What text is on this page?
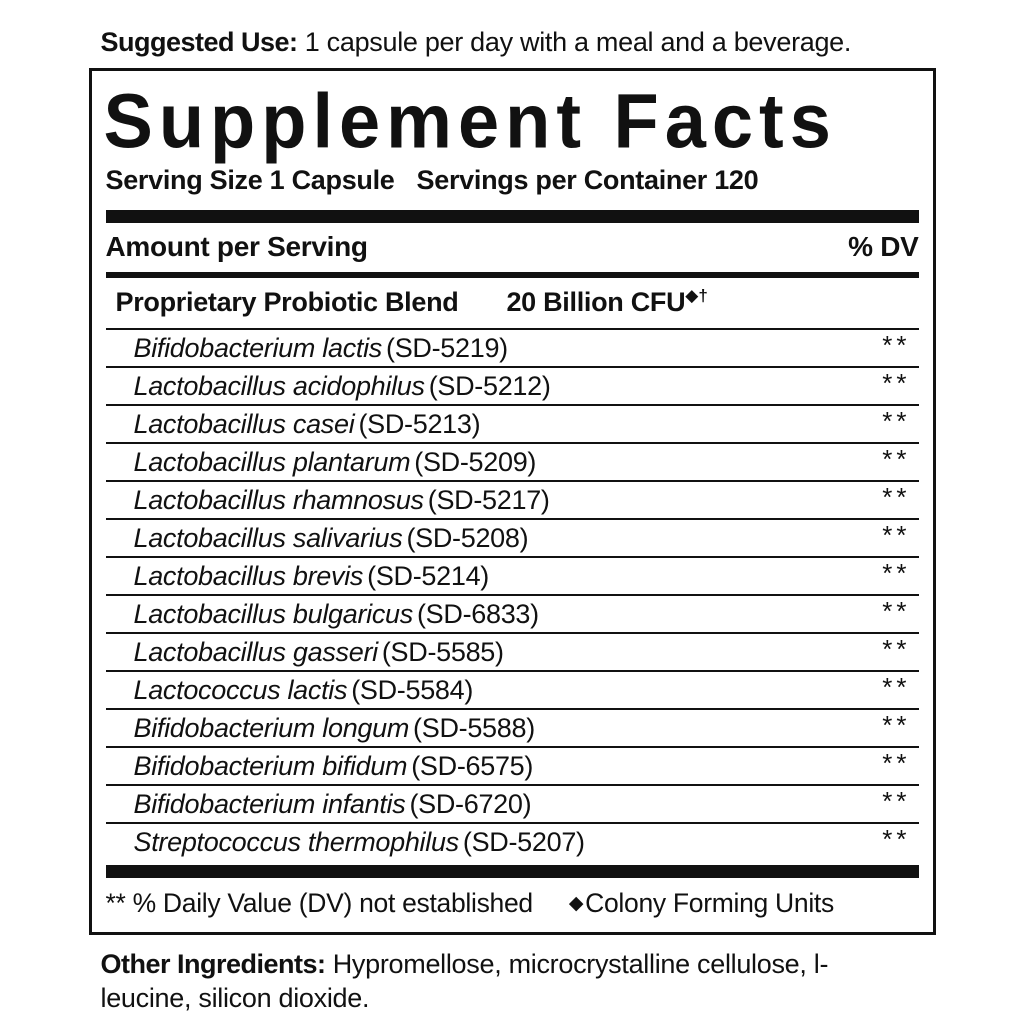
Suggested Use: 1 capsule per day with a meal and a beverage.

Supplement Facts
Serving Size 1 Capsule Servings per Container 120
Amount per Serving	% DV
Proprietary Probiotic Blend 20 Billion CFU◆†
Bifidobacterium lactis (SD-5219)	**
Lactobacillus acidophilus (SD-5212)	**
Lactobacillus casei (SD-5213)	**
Lactobacillus plantarum (SD-5209)	**
Lactobacillus rhamnosus (SD-5217)	**
Lactobacillus salivarius (SD-5208)	**
Lactobacillus brevis (SD-5214)	**
Lactobacillus bulgaricus (SD-6833)	**
Lactobacillus gasseri (SD-5585)	**
Lactococcus lactis (SD-5584)	**
Bifidobacterium longum (SD-5588)	**
Bifidobacterium bifidum (SD-6575)	**
Bifidobacterium infantis (SD-6720)	**
Streptococcus thermophilus (SD-5207)	**
** % Daily Value (DV) not established ◆Colony Forming Units

Other Ingredients: Hypromellose, microcrystalline cellulose, l-leucine, silicon dioxide.
